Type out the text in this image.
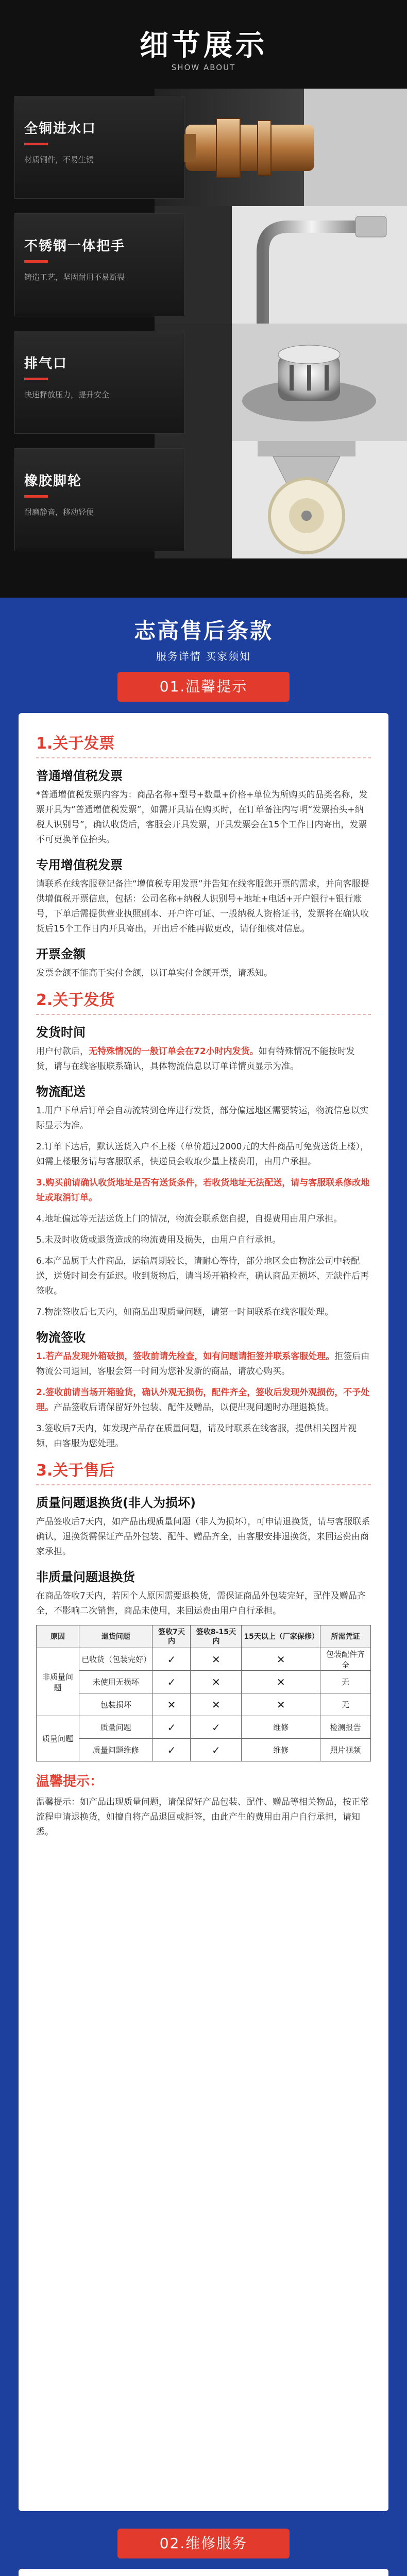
细节展示
SHOW ABOUT
全铜进水口
材质铜件，不易生锈
不锈钢一体把手
铸造工艺，坚固耐用不易断裂
排气口
快速释放压力，提升安全
橡胶脚轮
耐磨静音，移动轻便
志高售后条款
服务详情 买家须知
01.温馨提示
1.关于发票
普通增值税发票
*普通增值税发票内容为：商品名称+型号+数量+价格+单位为所购买的品类名称，发票开具为“普通增值税发票”，如需开具请在购买时，在订单备注内写明“发票抬头+纳税人识别号”，确认收货后，客服会开具发票，开具发票会在15个工作日内寄出，发票不可更换单位抬头。
专用增值税发票
请联系在线客服登记备注“增值税专用发票”并告知在线客服您开票的需求，并向客服提供增值税开票信息，包括：公司名称+纳税人识别号+地址+电话+开户银行+银行账号，下单后需提供营业执照副本、开户许可证、一般纳税人资格证书，发票将在确认收货后15个工作日内开具寄出，开出后不能再做更改，请仔细核对信息。
开票金额
发票金额不能高于实付金额，以订单实付金额开票，请悉知。
2.关于发货
发货时间
用户付款后，无特殊情况的一般订单会在72小时内发货。如有特殊情况不能按时发货，请与在线客服联系确认，具体物流信息以订单详情页显示为准。
物流配送
1.用户下单后订单会自动流转到仓库进行发货，部分偏远地区需要转运，物流信息以实际显示为准。
2.订单下达后，默认送货入户不上楼（单价超过2000元的大件商品可免费送货上楼），如需上楼服务请与客服联系，快递员会收取少量上楼费用，由用户承担。
3.购买前请确认收货地址是否有送货条件，若收货地址无法配送，请与客服联系修改地址或取消订单。
4.地址偏远等无法送货上门的情况，物流会联系您自提，自提费用由用户承担。
5.未及时收货或退货造成的物流费用及损失，由用户自行承担。
6.本产品属于大件商品，运输周期较长，请耐心等待，部分地区会由物流公司中转配送，送货时间会有延迟。收到货物后，请当场开箱检查，确认商品无损坏、无缺件后再签收。
7.物流签收后七天内，如商品出现质量问题，请第一时间联系在线客服处理。
物流签收
1.若产品发现外箱破损，签收前请先检查，如有问题请拒签并联系客服处理。拒签后由物流公司退回，客服会第一时间为您补发新的商品，请放心购买。
2.签收前请当场开箱验货，确认外观无损伤，配件齐全，签收后发现外观损伤，不予处理。产品签收后请保留好外包装、配件及赠品，以便出现问题时办理退换货。
3.签收后7天内，如发现产品存在质量问题，请及时联系在线客服，提供相关图片视频，由客服为您处理。
3.关于售后
质量问题退换货(非人为损坏)
产品签收后7天内，如产品出现质量问题（非人为损坏），可申请退换货，请与客服联系确认，退换货需保证产品外包装、配件、赠品齐全，由客服安排退换货，来回运费由商家承担。
非质量问题退换货
在商品签收7天内，若因个人原因需要退换货，需保证商品外包装完好，配件及赠品齐全，不影响二次销售，商品未使用，来回运费由用户自行承担。
原因	退货问题	签收7天内	签收8-15天内	15天以上（厂家保修）	所需凭证
非质量问题	已收货（包装完好）	✓	✕	✕	包装配件齐全
	未使用无损坏	✓	✕	✕	无
	包装损坏	✕	✕	✕	无
质量问题	质量问题	✓	✓	维修	检测报告
	质量问题维修	✓	✓	维修	照片视频
温馨提示：
温馨提示：如产品出现质量问题，请保留好产品包装、配件、赠品等相关物品，按正常流程申请退换货，如擅自将产品退回或拒签，由此产生的费用由用户自行承担，请知悉。
02.维修服务
